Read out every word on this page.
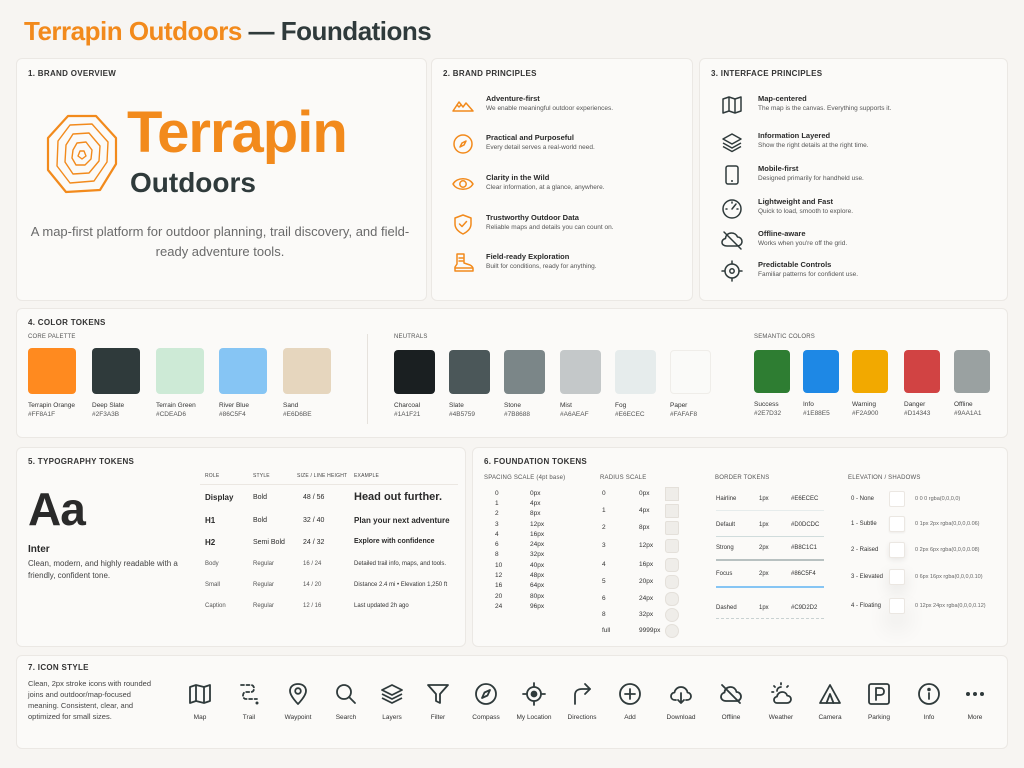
Terrapin Outdoors — Foundations
1. BRAND OVERVIEW
Terrapin
Outdoors
A map-first platform for outdoor planning, trail discovery, and field-ready adventure tools.
2. BRAND PRINCIPLES
Adventure-first
We enable meaningful outdoor experiences.
Practical and Purposeful
Every detail serves a real-world need.
Clarity in the Wild
Clear information, at a glance, anywhere.
Trustworthy Outdoor Data
Reliable maps and details you can count on.
Field-ready Exploration
Built for conditions, ready for anything.
3. INTERFACE PRINCIPLES
Map-centered
The map is the canvas. Everything supports it.
Information Layered
Show the right details at the right time.
Mobile-first
Designed primarily for handheld use.
Lightweight and Fast
Quick to load, smooth to explore.
Offline-aware
Works when you're off the grid.
Predictable Controls
Familiar patterns for confident use.
4. COLOR TOKENS
CORE PALETTE	NEUTRALS	SEMANTIC COLORS
Terrapin Orange
#FF8A1F
Deep Slate
#2F3A3B
Terrain Green
#CDEAD6
River Blue
#86C5F4
Sand
#E6D6BE
Charcoal
#1A1F21
Slate
#4B5759
Stone
#7B8688
Mist
#A6AEAF
Fog
#E6ECEC
Paper
#FAFAF8
Success
#2E7D32
Info
#1E88E5
Warning
#F2A900
Danger
#D14343
Offline
#9AA1A1
5. TYPOGRAPHY TOKENS
Aa
Inter
Clean, modern, and highly readable with a friendly, confident tone.
ROLE	STYLE	SIZE / LINE HEIGHT EXAMPLE
Display	Bold	48 / 56	Head out further.
H1	Bold	32 / 40	Plan your next adventure
H2	Semi Bold	24 / 32	Explore with confidence
Body	Regular	16 / 24	Detailed trail info, maps, and tools.
Small	Regular	14 / 20	Distance 2.4 mi • Elevation 1,250 ft
Caption	Regular	12 / 16	Last updated 2h ago
6. FOUNDATION TOKENS
SPACING SCALE (4pt base)	RADIUS SCALE	BORDER TOKENS	ELEVATION / SHADOWS
0	0px
1	4px
2	8px
3	12px
4	16px
6	24px
8	32px
10	40px
12	48px
16	64px
20	80px
24	96px
0	0px
1	4px
2	8px
3	12px
4	16px
5	20px
6	24px
8	32px
full	9999px
Hairline	1px	#E6ECEC
Default	1px	#D0DCDC
Strong	2px	#B8C1C1
Focus	2px	#86C5F4
Dashed	1px	#C9D2D2
0 - None	0 0 0 rgba(0,0,0,0)
1 - Subtle	0 1px 2px rgba(0,0,0,0.06)
2 - Raised	0 2px 6px rgba(0,0,0,0.08)
3 - Elevated	0 6px 16px rgba(0,0,0,0.10)
4 - Floating	0 12px 24px rgba(0,0,0,0.12)
7. ICON STYLE
Clean, 2px stroke icons with rounded joins and outdoor/map-focused meaning. Consistent, clear, and optimized for small sizes.	Map	Trail	Waypoint	Search	Layers	Filter	Compass	My Location	Directions	Add	Download	Offline	Weather	Camera	Parking	Info	More
